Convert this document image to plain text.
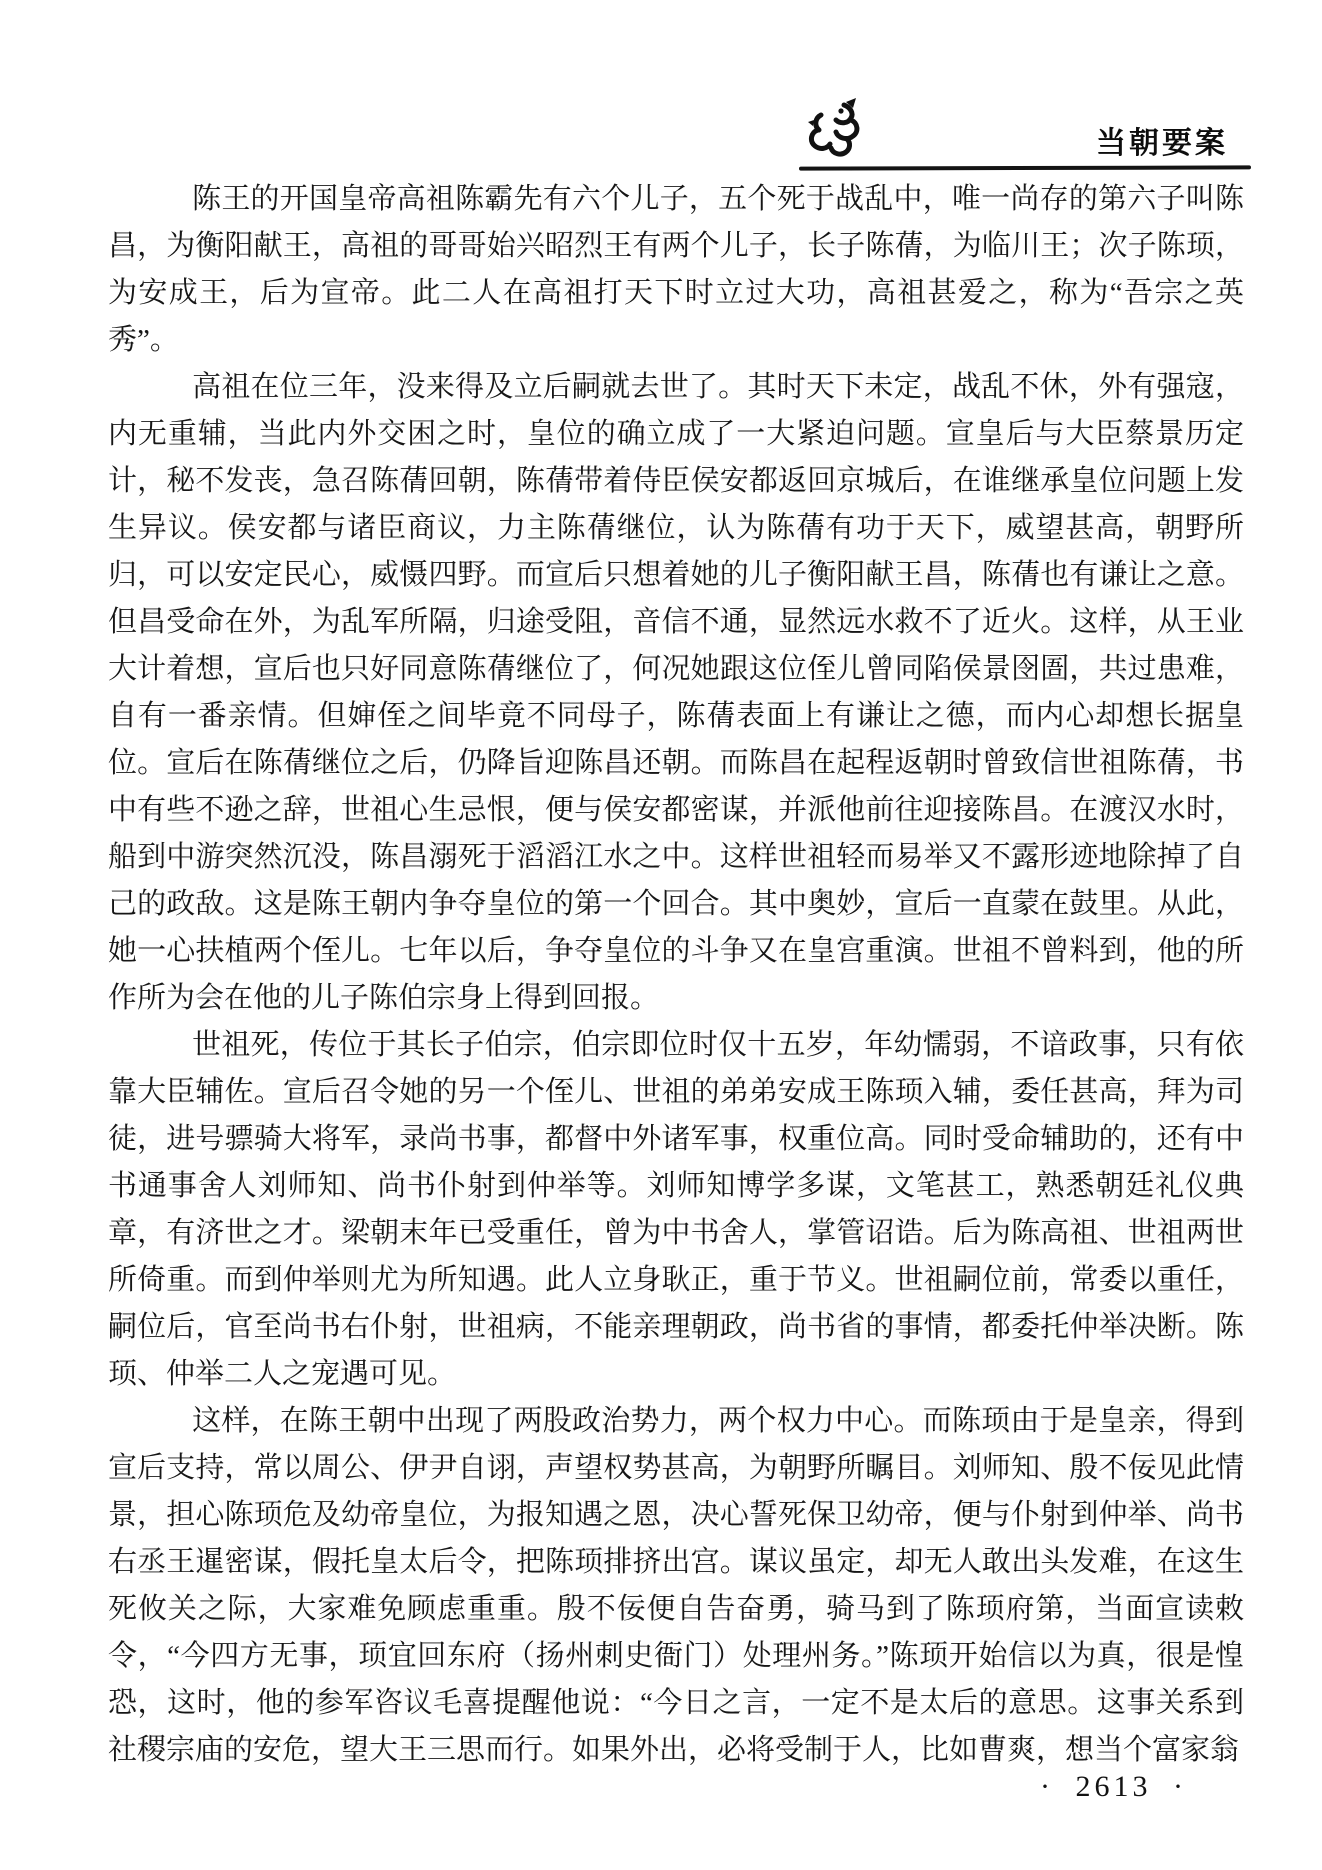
当朝要案

陈王的开国皇帝高祖陈霸先有六个儿子，五个死于战乱中，唯一尚存的第六子叫陈昌，为衡阳献王，高祖的哥哥始兴昭烈王有两个儿子，长子陈蒨，为临川王；次子陈顼，为安成王，后为宣帝。此二人在高祖打天下时立过大功，高祖甚爱之，称为“吾宗之英秀”。

高祖在位三年，没来得及立后嗣就去世了。其时天下未定，战乱不休，外有强寇，内无重辅，当此内外交困之时，皇位的确立成了一大紧迫问题。宣皇后与大臣蔡景历定计，秘不发丧，急召陈蒨回朝，陈蒨带着侍臣侯安都返回京城后，在谁继承皇位问题上发生异议。侯安都与诸臣商议，力主陈蒨继位，认为陈蒨有功于天下，威望甚高，朝野所归，可以安定民心，威慑四野。而宣后只想着她的儿子衡阳献王昌，陈蒨也有谦让之意。但昌受命在外，为乱军所隔，归途受阻，音信不通，显然远水救不了近火。这样，从王业大计着想，宣后也只好同意陈蒨继位了，何况她跟这位侄儿曾同陷侯景囹圄，共过患难，自有一番亲情。但婶侄之间毕竟不同母子，陈蒨表面上有谦让之德，而内心却想长据皇位。宣后在陈蒨继位之后，仍降旨迎陈昌还朝。而陈昌在起程返朝时曾致信世祖陈蒨，书中有些不逊之辞，世祖心生忌恨，便与侯安都密谋，并派他前往迎接陈昌。在渡汉水时，船到中游突然沉没，陈昌溺死于滔滔江水之中。这样世祖轻而易举又不露形迹地除掉了自己的政敌。这是陈王朝内争夺皇位的第一个回合。其中奥妙，宣后一直蒙在鼓里。从此，她一心扶植两个侄儿。七年以后，争夺皇位的斗争又在皇宫重演。世祖不曾料到，他的所作所为会在他的儿子陈伯宗身上得到回报。

世祖死，传位于其长子伯宗，伯宗即位时仅十五岁，年幼懦弱，不谙政事，只有依靠大臣辅佐。宣后召令她的另一个侄儿、世祖的弟弟安成王陈顼入辅，委任甚高，拜为司徒，进号骠骑大将军，录尚书事，都督中外诸军事，权重位高。同时受命辅助的，还有中书通事舍人刘师知、尚书仆射到仲举等。刘师知博学多谋，文笔甚工，熟悉朝廷礼仪典章，有济世之才。梁朝末年已受重任，曾为中书舍人，掌管诏诰。后为陈高祖、世祖两世所倚重。而到仲举则尤为所知遇。此人立身耿正，重于节义。世祖嗣位前，常委以重任，嗣位后，官至尚书右仆射，世祖病，不能亲理朝政，尚书省的事情，都委托仲举决断。陈顼、仲举二人之宠遇可见。

这样，在陈王朝中出现了两股政治势力，两个权力中心。而陈顼由于是皇亲，得到宣后支持，常以周公、伊尹自诩，声望权势甚高，为朝野所瞩目。刘师知、殷不佞见此情景，担心陈顼危及幼帝皇位，为报知遇之恩，决心誓死保卫幼帝，便与仆射到仲举、尚书右丞王暹密谋，假托皇太后令，把陈顼排挤出宫。谋议虽定，却无人敢出头发难，在这生死攸关之际，大家难免顾虑重重。殷不佞便自告奋勇，骑马到了陈顼府第，当面宣读敕令，“今四方无事，顼宜回东府（扬州刺史衙门）处理州务。”陈顼开始信以为真，很是惶恐，这时，他的参军咨议毛喜提醒他说：“今日之言，一定不是太后的意思。这事关系到社稷宗庙的安危，望大王三思而行。如果外出，必将受制于人，比如曹爽，想当个富家翁

· 2613 ·
